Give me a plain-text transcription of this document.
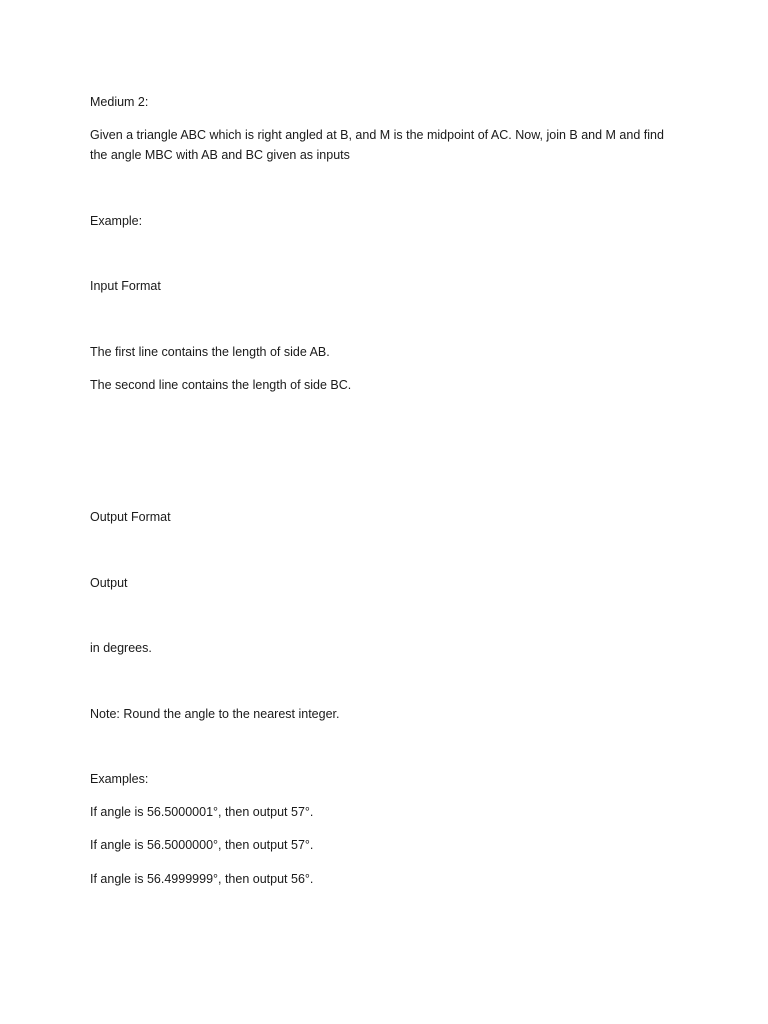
Medium 2:
Given a triangle ABC which is right angled at B, and M is the midpoint of AC. Now, join B and M and find
the angle MBC with AB and BC given as inputs
Example:
Input Format
The first line contains the length of side AB.
The second line contains the length of side BC.
Output Format
Output
in degrees.
Note: Round the angle to the nearest integer.
Examples:
If angle is 56.5000001°, then output 57°.
If angle is 56.5000000°, then output 57°.
If angle is 56.4999999°, then output 56°.
